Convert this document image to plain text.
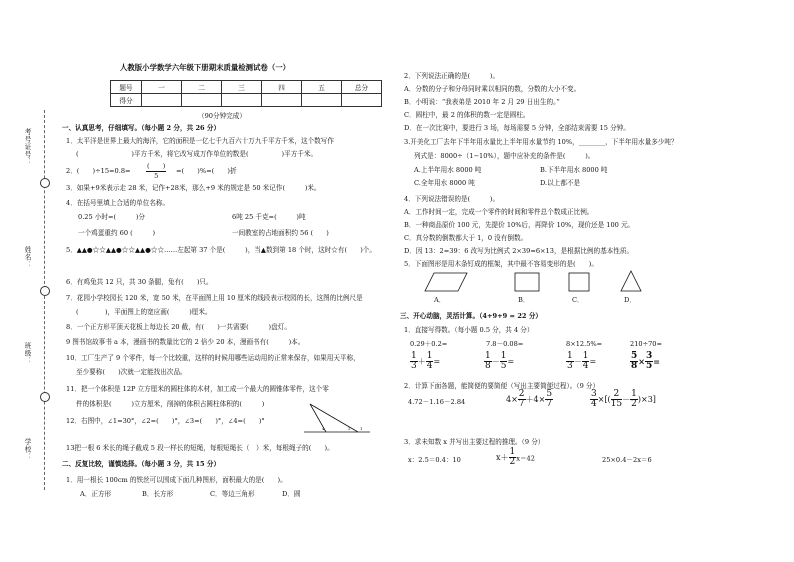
考号证号：
姓名：
班级：
学校：
人教版小学数学六年级下册期末质量检测试卷（一）
题号	一	二	三	四	五	总分
得分						
（90分钟完成）
一、认真思考，仔细填写。（每小题 2 分，共 26 分）
1．太平洋是世界上最大的海洋，它的面积是一亿七千九百六十万九千平方千米，这个数写作
(　　　　　　　　)平方千米，将它改写成万作单位的数是(　　　　　)平方千米。
2．(　　)÷15=0.8=
(　　)
5
=(　　)%=(　　)折
3．如果+9米表示走 28 米，记作+28米，那么+9 米的规定是 50 米记作(　　　)米。
4．在括号里填上合适的单位名称。
0.25 小时=(　　　)分	6吨 25 千克=(　　　)吨
一个鸡蛋重约 60 (　　　)	一间教室的占地面积约 56 (　　)
5．▲▲●☆☆▲▲●☆☆▲▲●☆☆……左起第 37 个是(　　　)，当▲数到第 18 个时，这时☆有(　　)个。
6．有鸡兔共 12 只，共 30 条腿，兔有(　　)只。
7．花园小学校园长 120 米，宽 50 米，在平面图上用 10 厘米的线段表示校园的长，这图的比例尺是
(　　　　)，平面图上的宽应画(　　　)厘米。
8．一个正方形平顶天花板上每边长 20 截，有(　　)一共需要(　　　)盘灯。
9 图书馆故事书 a 本，漫画书的数量比它的 2 倍少 20 本，漫画书有(　　　)本。
10．工厂生产了 9 个零件，每一个比较重，这样的时候用哪些运动用的正常来保存，如果用天平称，
至少要称(　　)次就一定能找出次品。
11．把一个体积是 12P 立方厘米的圆柱体的木材，加工成一个最大的圆锥体零件，这个零
件的体积是(　　　)立方厘米，削掉的体积占圆柱体积的(　　　)
12．右图中，∠1=30°，∠2=(　　)°，∠3=(　　)°，∠4=(　　)°
4	2 1
13把一根 6 米长的绳子截成 5 段一样长的短绳，每根短绳长（　）米，每根绳子的(　　)。
二、反复比较，谨慎选择。（每小题 3 分，共 15 分）
1．用一根长 100cm 的铁丝可以围成下面几种图形，面积最大的是(　　)。
A．正方形	B．长方形	C．等边三角形	D．圆
2．下列说法正确的是(　　　)。
A．分数的分子和分母同时乘以相同的数，分数的大小不变。
B．小明说：“我表弟是 2010 年 2 月 29 日出生的。”
C．圆柱中，最 2 的体积的数一定是圆柱。
D．在一次比赛中，要进行 3 场，每场需要 5 分钟，全部结束需要 15 分钟。
3.开美化工厂去年下半年用水量比上半年用水量节约 10%，________，下半年用水量多少吨？
列式是：8000÷（1−10%），题中应补充的条件是(　　　)。
A.上半年用水 8000 吨	B.下半年用水 8000 吨
C.全年用水 8000 吨	D.以上都不是
4．下列说法错误的是(　　　)。
A．工作时间一定，完成一个零件的时间和零件总个数成正比例。
B．一种商品原价 100 元，先提价 10%后，再降价 10%，现价还是 100 元。
C．真分数的倒数都大于 1，0 没有倒数。
D．因 13：2=39：6 改写为比例式 2×39=6×13，是根据比例的基本性质。
5．下面图形是用木条钉成的框架，其中最不容易变形的是(　　)。
A．	B．	C．	D．
三、开心动脑，灵活计算。（4+9+9 = 22 分）
1．直接写得数。（每小题 0.5 分，共 4 分）
0.29＋0.2=	7.8－0.08=	8×12.5%=	210÷70=
$\frac{1}{3} + \frac{1}{4}$ =	$\frac{1}{8} - \frac{1}{5}$ =	$\frac{1}{3} - \frac{1}{4}$ =	$\frac{5}{8} \times \frac{3}{5}$ =
2．计算下面各题，能简便的要简便（写出主要简便过程）。（9 分）
4.72－1.16－2.84	$4\times \frac{2}{7} +4\times \frac{5}{7}$	$\frac{3}{4}$ ×[( $\frac{2}{15} - \frac{1}{2} )\times 3$]
3．求未知数 x 并写出主要过程的推理。（9 分）
x：2.5＝0.4：10	$x+ \frac{1}{2} x=42$	25×0.4－2x＝6
